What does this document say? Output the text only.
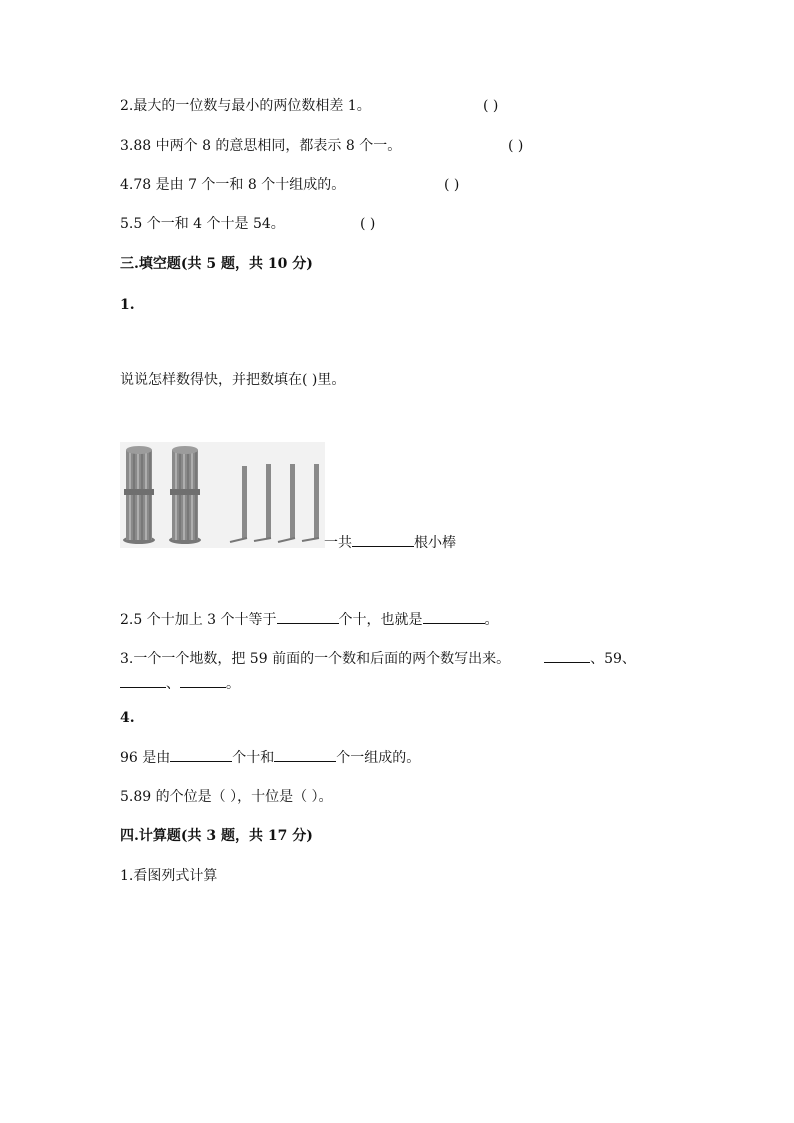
2.最大的一位数与最小的两位数相差 1。	( )
3.88 中两个 8 的意思相同，都表示 8 个一。	( )
4.78 是由 7 个一和 8 个十组成的。	( )
5.5 个一和 4 个十是 54。	( )
三.填空题(共 5 题，共 10 分)
1.
说说怎样数得快，并把数填在( )里。
一共	根小棒
2.5 个十加上 3 个十等于	个十，也就是	。
3.一个一个地数，把 59 前面的一个数和后面的两个数写出来。	、59、
、	。
4.
96 是由	个十和	个一组成的。
5.89 的个位是（ ），十位是（ ）。
四.计算题(共 3 题，共 17 分)
1.看图列式计算
